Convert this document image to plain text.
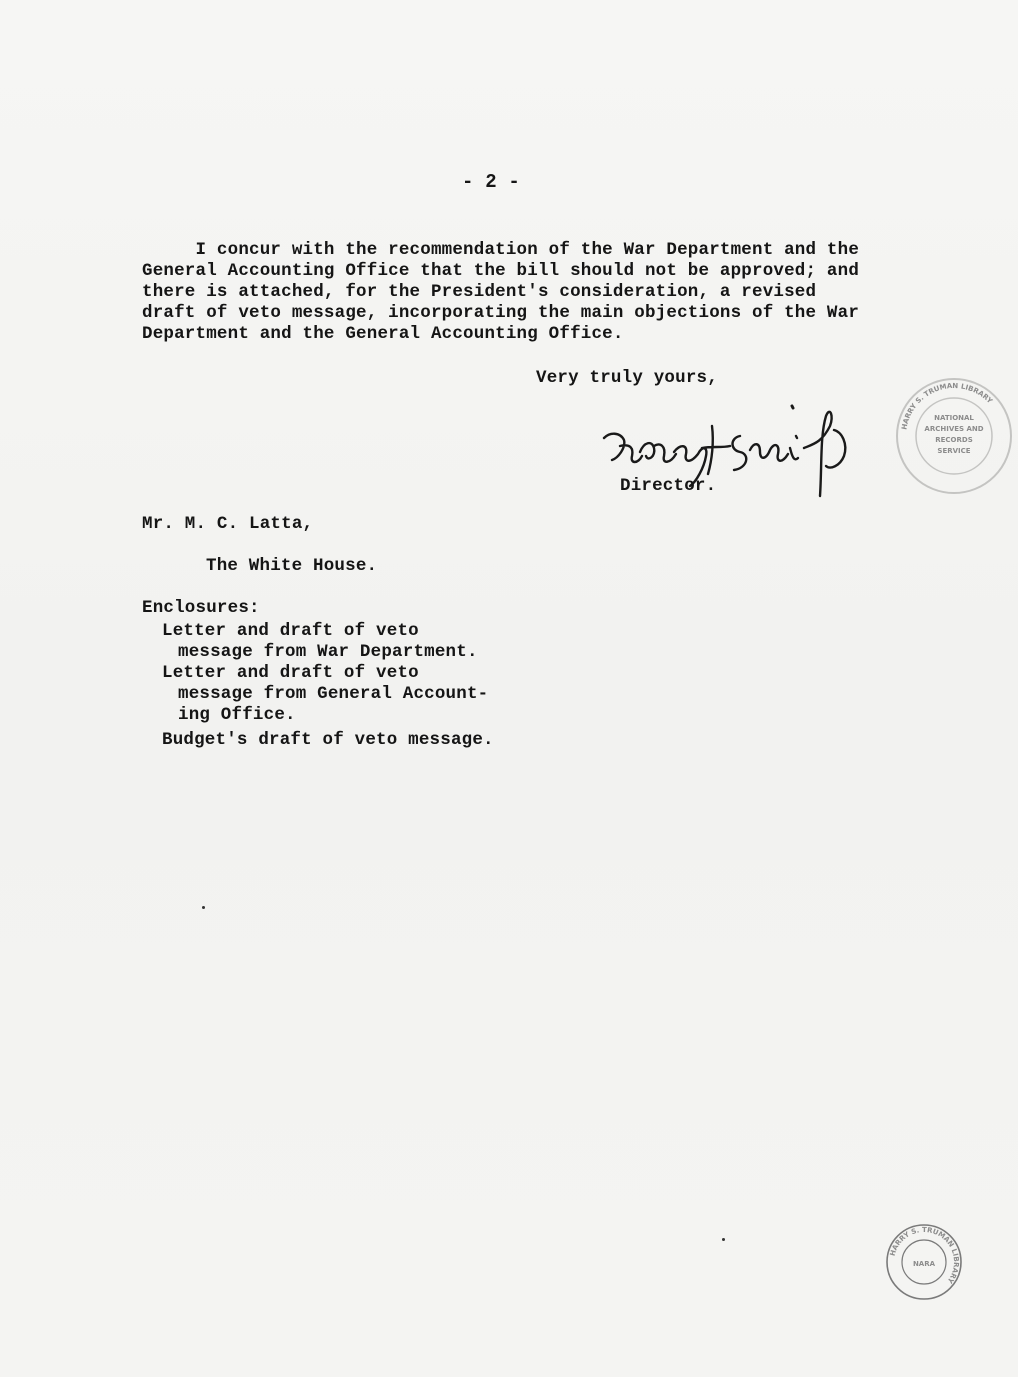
- 2 -
I concur with the recommendation of the War Department and the
General Accounting Office that the bill should not be approved; and
there is attached, for the President's consideration, a revised
draft of veto message, incorporating the main objections of the War
Department and the General Accounting Office.
Very truly yours,
Director.
HARRY S. TRUMAN LIBRARY
NATIONAL
ARCHIVES AND
RECORDS
SERVICE
Mr. M. C. Latta,
The White House.
Enclosures:
Letter and draft of veto
message from War Department.
Letter and draft of veto
message from General Account-
ing Office.
Budget's draft of veto message.
HARRY S. TRUMAN LIBRARY
NARA
